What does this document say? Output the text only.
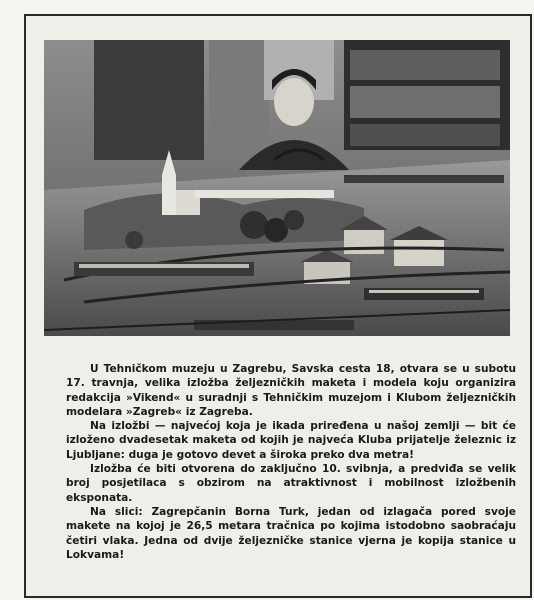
U Tehničkom muzeju u Zagrebu, Savska cesta 18, otvara se u subotu 17. travnja, velika izložba željezničkih maketa i modela koju organizira redakcija »Vikend« u suradnji s Tehničkim muzejom i Klubom željezničkih modelara »Zagreb« iz Zagreba.

Na izložbi — najvećoj koja je ikada priređena u našoj zemlji — bit će izloženo dvadesetak maketa od kojih je najveća Kluba prijatelje železnic iz Ljubljane: duga je gotovo devet a široka preko dva metra!

Izložba će biti otvorena do zaključno 10. svibnja, a predviđa se velik broj posjetilaca s obzirom na atraktivnost i mobilnost izložbenih eksponata.

Na slici: Zagrepčanin Borna Turk, jedan od izlagača pored svoje makete na kojoj je 26,5 metara tračnica po kojima istodobno saobraćaju četiri vlaka. Jedna od dvije željezničke stanice vjerna je kopija stanice u Lokvama!
